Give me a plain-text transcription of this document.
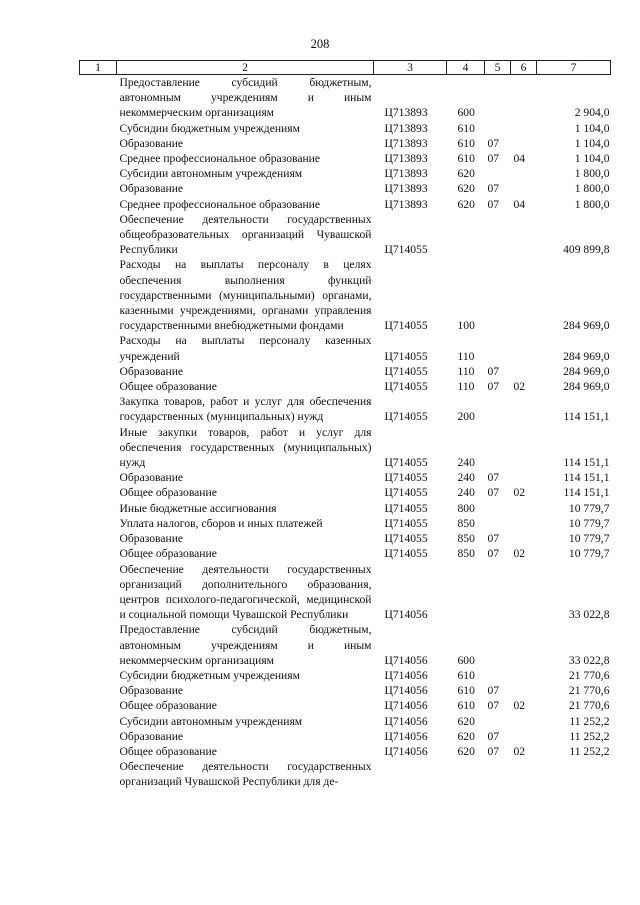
208
1	2	3	4	5	6	7
	Предоставление субсидий бюджетным, автономным учреждениям и иным некоммерческим организациям	Ц713893	600			2 904,0
	Субсидии бюджетным учреждениям	Ц713893	610			1 104,0
	Образование	Ц713893	610	07		1 104,0
	Среднее профессиональное образование	Ц713893	610	07	04	1 104,0
	Субсидии автономным учреждениям	Ц713893	620			1 800,0
	Образование	Ц713893	620	07		1 800,0
	Среднее профессиональное образование	Ц713893	620	07	04	1 800,0
	Обеспечение деятельности государственных общеобразовательных организаций Чувашской Республики	Ц714055				409 899,8
	Расходы на выплаты персоналу в целях обеспечения выполнения функций государственными (муниципальными) органами, казенными учреждениями, органами управления государственными внебюджетными фондами	Ц714055	100			284 969,0
	Расходы на выплаты персоналу казенных учреждений	Ц714055	110			284 969,0
	Образование	Ц714055	110	07		284 969,0
	Общее образование	Ц714055	110	07	02	284 969,0
	Закупка товаров, работ и услуг для обеспечения государственных (муниципальных) нужд	Ц714055	200			114 151,1
	Иные закупки товаров, работ и услуг для обеспечения государственных (муниципальных) нужд	Ц714055	240			114 151,1
	Образование	Ц714055	240	07		114 151,1
	Общее образование	Ц714055	240	07	02	114 151,1
	Иные бюджетные ассигнования	Ц714055	800			10 779,7
	Уплата налогов, сборов и иных платежей	Ц714055	850			10 779,7
	Образование	Ц714055	850	07		10 779,7
	Общее образование	Ц714055	850	07	02	10 779,7
	Обеспечение деятельности государственных организаций дополнительного образования, центров психолого-педагогической, медицинской и социальной помощи Чувашской Республики	Ц714056				33 022,8
	Предоставление субсидий бюджетным, автономным учреждениям и иным некоммерческим организациям	Ц714056	600			33 022,8
	Субсидии бюджетным учреждениям	Ц714056	610			21 770,6
	Образование	Ц714056	610	07		21 770,6
	Общее образование	Ц714056	610	07	02	21 770,6
	Субсидии автономным учреждениям	Ц714056	620			11 252,2
	Образование	Ц714056	620	07		11 252,2
	Общее образование	Ц714056	620	07	02	11 252,2
	Обеспечение деятельности государственных организаций Чувашской Республики для де-					
